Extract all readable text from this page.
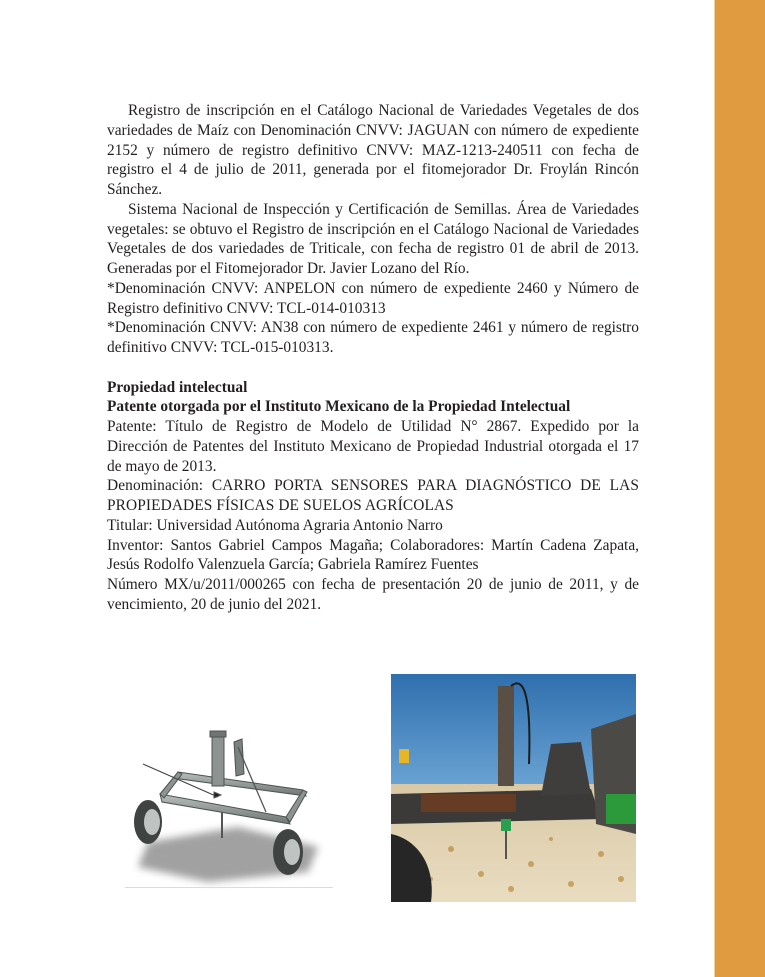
Registro de inscripción en el Catálogo Nacional de Variedades Vegetales de dos variedades de Maíz con Denominación CNVV: JAGUAN con número de expediente 2152 y número de registro definitivo CNVV: MAZ-1213-240511 con fecha de registro el 4 de julio de 2011, generada por el fitomejorador Dr. Froylán Rincón Sánchez.

Sistema Nacional de Inspección y Certificación de Semillas. Área de Variedades vegetales: se obtuvo el Registro de inscripción en el Catálogo Nacional de Variedades Vegetales de dos variedades de Triticale, con fecha de registro 01 de abril de 2013. Generadas por el Fitomejorador Dr. Javier Lozano del Río.

*Denominación CNVV: ANPELON con número de expediente 2460 y Número de Registro definitivo CNVV: TCL-014-010313

*Denominación CNVV: AN38 con número de expediente 2461 y número de registro definitivo CNVV: TCL-015-010313.

Propiedad intelectual

Patente otorgada por el Instituto Mexicano de la Propiedad Intelectual

Patente: Título de Registro de Modelo de Utilidad N° 2867. Expedido por la Dirección de Patentes del Instituto Mexicano de Propiedad Industrial otorgada el 17 de mayo de 2013.

Denominación: CARRO PORTA SENSORES PARA DIAGNÓSTICO DE LAS PROPIEDADES FÍSICAS DE SUELOS AGRÍCOLAS

Titular: Universidad Autónoma Agraria Antonio Narro

Inventor: Santos Gabriel Campos Magaña; Colaboradores: Martín Cadena Zapata, Jesús Rodolfo Valenzuela García; Gabriela Ramírez Fuentes

Número MX/u/2011/000265 con fecha de presentación 20 de junio de 2011, y de vencimiento, 20 de junio del 2021.
